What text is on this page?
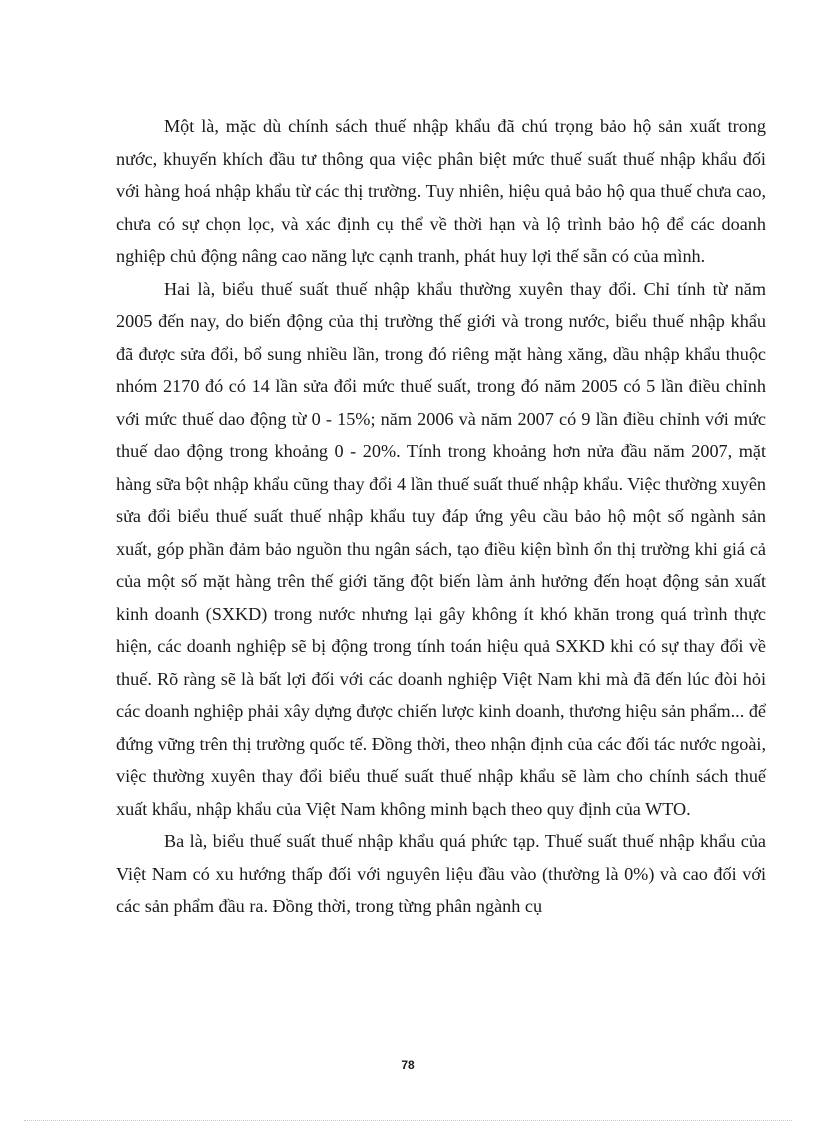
Một là, mặc dù chính sách thuế nhập khẩu đã chú trọng bảo hộ sản xuất trong nước, khuyến khích đầu tư thông qua việc phân biệt mức thuế suất thuế nhập khẩu đối với hàng hoá nhập khẩu từ các thị trường. Tuy nhiên, hiệu quả bảo hộ qua thuế chưa cao, chưa có sự chọn lọc, và xác định cụ thể về thời hạn và lộ trình bảo hộ để các doanh nghiệp chủ động nâng cao năng lực cạnh tranh, phát huy lợi thế sẵn có của mình.

Hai là, biểu thuế suất thuế nhập khẩu thường xuyên thay đổi. Chỉ tính từ năm 2005 đến nay, do biến động của thị trường thế giới và trong nước, biểu thuế nhập khẩu đã được sửa đổi, bổ sung nhiều lần, trong đó riêng mặt hàng xăng, dầu nhập khẩu thuộc nhóm 2170 đó có 14 lần sửa đổi mức thuế suất, trong đó năm 2005 có 5 lần điều chỉnh với mức thuế dao động từ 0 - 15%; năm 2006 và năm 2007 có 9 lần điều chỉnh với mức thuế dao động trong khoảng 0 - 20%. Tính trong khoảng hơn nửa đầu năm 2007, mặt hàng sữa bột nhập khẩu cũng thay đổi 4 lần thuế suất thuế nhập khẩu. Việc thường xuyên sửa đổi biểu thuế suất thuế nhập khẩu tuy đáp ứng yêu cầu bảo hộ một số ngành sản xuất, góp phần đảm bảo nguồn thu ngân sách, tạo điều kiện bình ổn thị trường khi giá cả của một số mặt hàng trên thế giới tăng đột biến làm ảnh hưởng đến hoạt động sản xuất kinh doanh (SXKD) trong nước nhưng lại gây không ít khó khăn trong quá trình thực hiện, các doanh nghiệp sẽ bị động trong tính toán hiệu quả SXKD khi có sự thay đổi về thuế. Rõ ràng sẽ là bất lợi đối với các doanh nghiệp Việt Nam khi mà đã đến lúc đòi hỏi các doanh nghiệp phải xây dựng được chiến lược kinh doanh, thương hiệu sản phẩm... để đứng vững trên thị trường quốc tế. Đồng thời, theo nhận định của các đối tác nước ngoài, việc thường xuyên thay đổi biểu thuế suất thuế nhập khẩu sẽ làm cho chính sách thuế xuất khẩu, nhập khẩu của Việt Nam không minh bạch theo quy định của WTO.

Ba là, biểu thuế suất thuế nhập khẩu quá phức tạp. Thuế suất thuế nhập khẩu của Việt Nam có xu hướng thấp đối với nguyên liệu đầu vào (thường là 0%) và cao đối với các sản phẩm đầu ra. Đồng thời, trong từng phân ngành cụ

78
